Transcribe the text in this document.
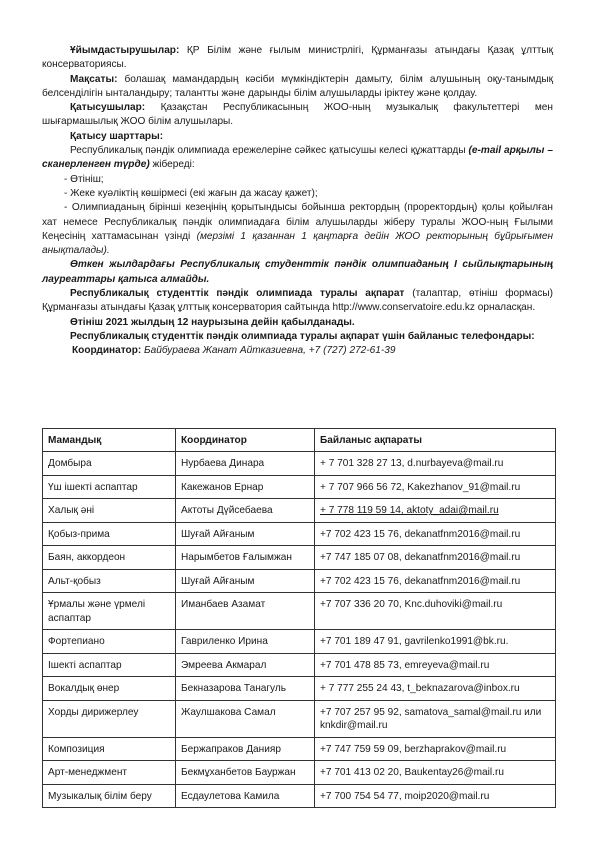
Ұйымдастырушылар: ҚР Білім және ғылым министрлігі, Құрманғазы атындағы Қазақ ұлттық консерваториясы.

Мақсаты: болашақ мамандардың кәсіби мүмкіндіктерін дамыту, білім алушының оқу-танымдық белсенділігін ынталандыру; талантты және дарынды білім алушыларды іріктеу және қолдау.

Қатысушылар: Қазақстан Республикасының ЖОО-ның музыкалық факультеттері мен шығармашылық ЖОО білім алушылары.

Қатысу шарттары:

Республикалық пәндік олимпиада ережелеріне сәйкес қатысушы келесі құжаттарды (e-mail арқылы – сканерленген түрде) жібереді:

- Өтініш;

- Жеке куәліктің көшірмесі (екі жағын да жасау қажет);

- Олимпиаданың бірінші кезеңінің қорытындысы бойынша ректордың (проректордың) қолы қойылған хат немесе Республикалық пәндік олимпиадаға білім алушыларды жіберу туралы ЖОО-ның Ғылыми Кеңесінің хаттамасынан үзінді (мерзімі 1 қазаннан 1 қаңтарға дейін ЖОО ректорының бұйрығымен анықталады).

Өткен жылдардағы Республикалық студенттік пәндік олимпиаданың І сыйлықтарының лауреаттары қатыса алмайды.

Республикалық студенттік пәндік олимпиада туралы ақпарат (талаптар, өтініш формасы) Құрманғазы атындағы Қазақ ұлттық консерватория сайтында http://www.conservatoire.edu.kz орналасқан.

Өтініш 2021 жылдың 12 наурызына дейін қабылданады.

Республикалық студенттік пәндік олимпиада туралы ақпарат үшін байланыс телефондары:

Координатор: Байбураева Жанат Айтказиевна, +7 (727) 272-61-39

Мамандық	Координатор	Байланыс ақпараты
Домбыра	Нурбаева Динара	+ 7 701 328 27 13, d.nurbayeva@mail.ru
Үш ішекті аспаптар	Какежанов Ернар	+ 7 707 966 56 72, Kakezhanov_91@mail.ru
Халық әні	Актоты Дүйсебаева	+ 7 778 119 59 14, aktoty_adai@mail.ru
Қобыз-прима	Шуғай Айғаным	+7 702 423 15 76, dekanatfnm2016@mail.ru
Баян, аккордеон	Нарымбетов Ғалымжан	+7 747 185 07 08, dekanatfnm2016@mail.ru
Альт-қобыз	Шуғай Айғаным	+7 702 423 15 76, dekanatfnm2016@mail.ru
Ұрмалы және үрмелі аспаптар	Иманбаев Азамат	+7 707 336 20 70, Knc.duhoviki@mail.ru
Фортепиано	Гавриленко Ирина	+7 701 189 47 91, gavrilenko1991@bk.ru.
Ішекті аспаптар	Эмреева Акмарал	+7 701 478 85 73, emreyeva@mail.ru
Вокалдық өнер	Бекназарова Танагуль	+ 7 777 255 24 43, t_beknazarova@inbox.ru
Хорды дирижерлеу	Жаулшакова Самал	+7 707 257 95 92, samatova_samal@mail.ru или knkdir@mail.ru
Композиция	Бержапраков Данияр	+7 747 759 59 09, berzhaprakov@mail.ru
Арт-менеджмент	Бекмұханбетов Бауржан	+7 701 413 02 20, Baukentay26@mail.ru
Музыкалық білім беру	Есдаулетова Камила	+7 700 754 54 77, moip2020@mail.ru
